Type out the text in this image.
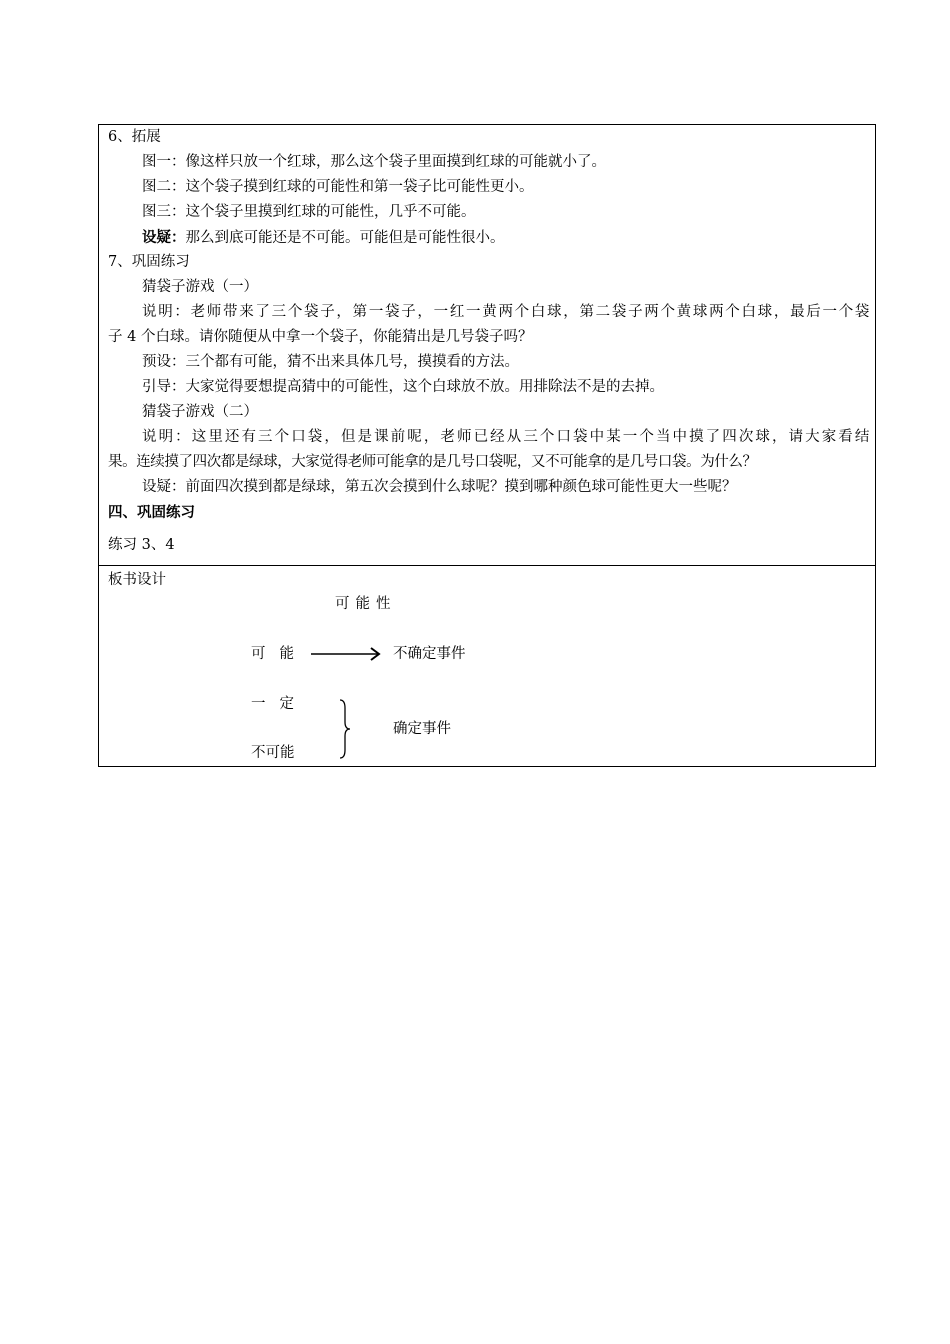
6、拓展
图一：像这样只放一个红球，那么这个袋子里面摸到红球的可能就小了。
图二：这个袋子摸到红球的可能性和第一袋子比可能性更小。
图三：这个袋子里摸到红球的可能性，几乎不可能。
设疑：那么到底可能还是不可能。可能但是可能性很小。
7、巩固练习
猜袋子游戏（一）
说明：老师带来了三个袋子，第一袋子，一红一黄两个白球，第二袋子两个黄球两个白球，最后一个袋
子 4 个白球。请你随便从中拿一个袋子，你能猜出是几号袋子吗？
预设：三个都有可能，猜不出来具体几号，摸摸看的方法。
引导：大家觉得要想提高猜中的可能性，这个白球放不放。用排除法不是的去掉。
猜袋子游戏（二）
说明：这里还有三个口袋，但是课前呢，老师已经从三个口袋中某一个当中摸了四次球，请大家看结
果。连续摸了四次都是绿球，大家觉得老师可能拿的是几号口袋呢，又不可能拿的是几号口袋。为什么？
设疑：前面四次摸到都是绿球，第五次会摸到什么球呢？摸到哪种颜色球可能性更大一些呢？
四、巩固练习
练习 3、4
板书设计
可能性
可能	不确定事件
一定
确定事件
不可能
